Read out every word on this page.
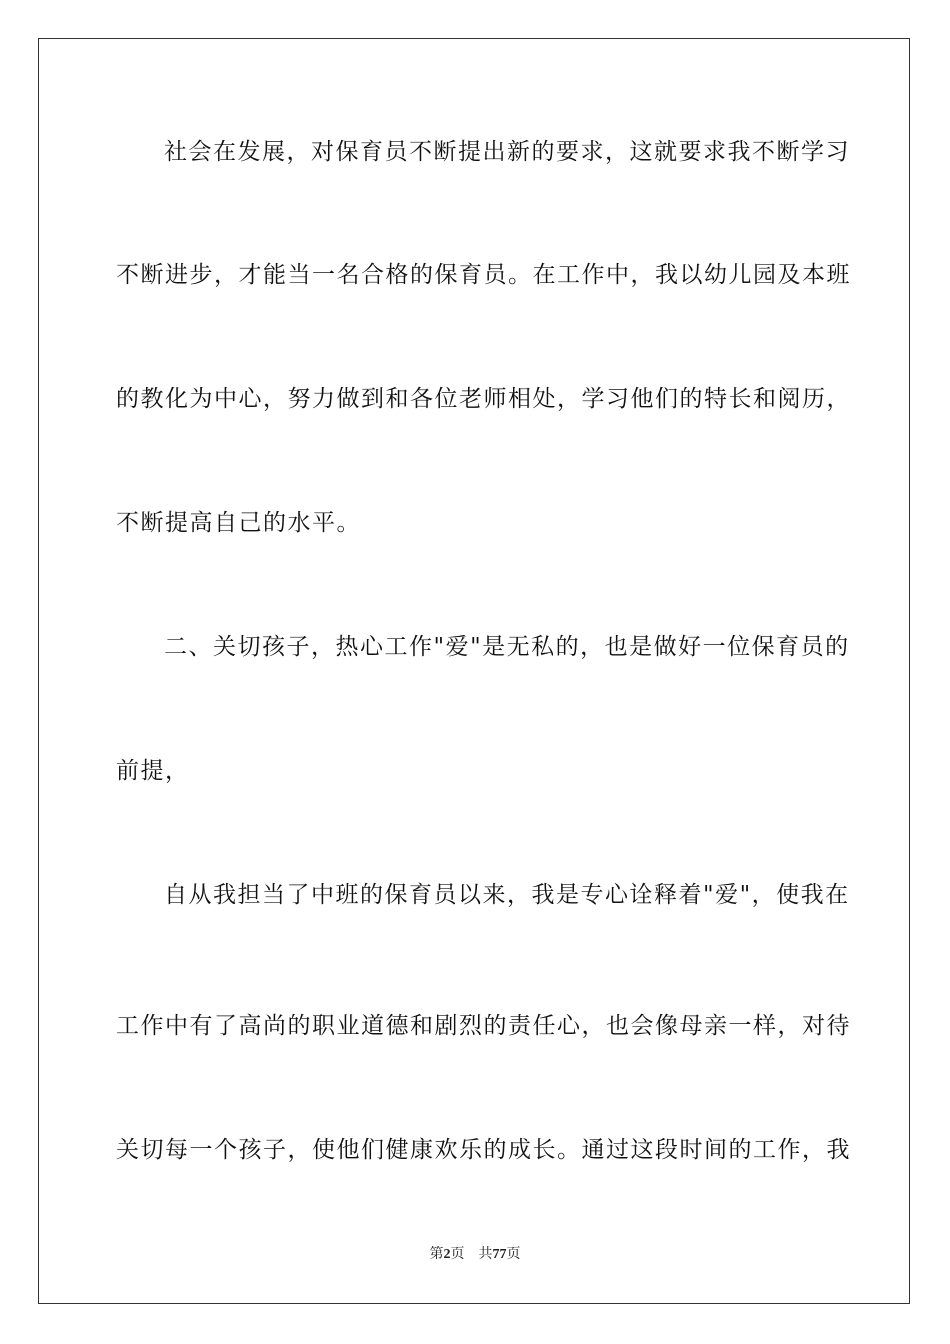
社会在发展，对保育员不断提出新的要求，这就要求我不断学习
不断进步，才能当一名合格的保育员。在工作中，我以幼儿园及本班
的教化为中心，努力做到和各位老师相处，学习他们的特长和阅历，
不断提高自己的水平。
二、关切孩子，热心工作"爱"是无私的，也是做好一位保育员的
前提，
自从我担当了中班的保育员以来，我是专心诠释着"爱"，使我在
工作中有了高尚的职业道德和剧烈的责任心，也会像母亲一样，对待
关切每一个孩子，使他们健康欢乐的成长。通过这段时间的工作，我
第2页 共77页
